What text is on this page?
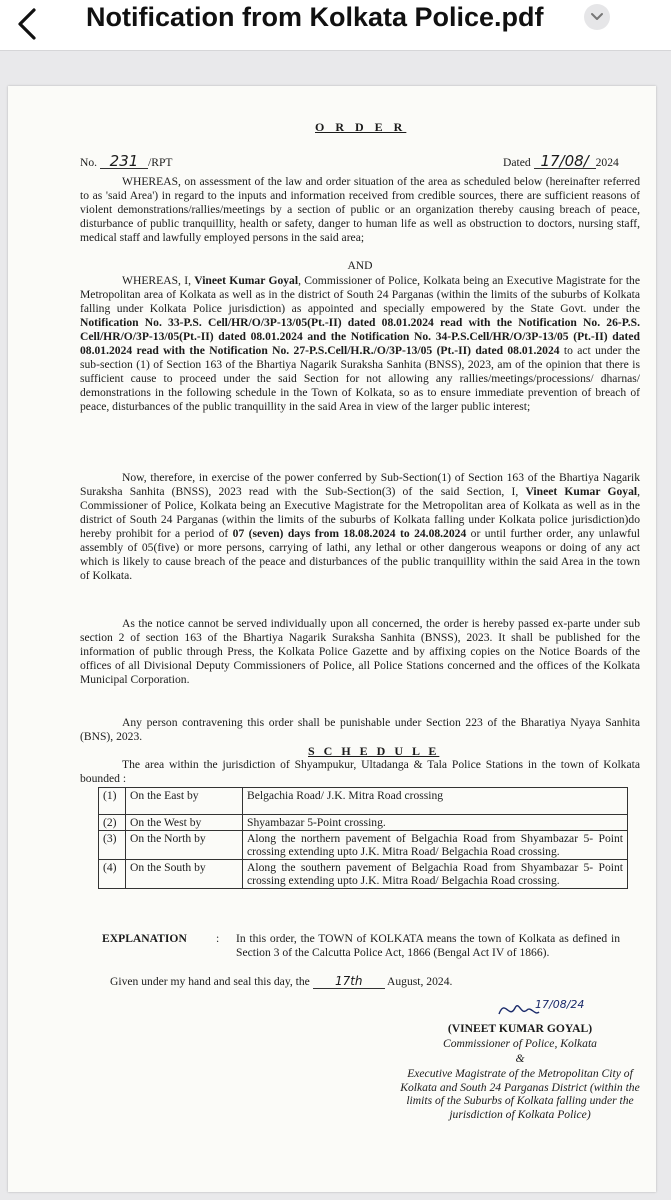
Notification from Kolkata Police.pdf
O R D E R
No. 231 /RPT	Dated 17/08/ 2024
WHEREAS, on assessment of the law and order situation of the area as scheduled below (hereinafter referred to as 'said Area') in regard to the inputs and information received from credible sources, there are sufficient reasons of violent demonstrations/rallies/meetings by a section of public or an organization thereby causing breach of peace, disturbance of public tranquillity, health or safety, danger to human life as well as obstruction to doctors, nursing staff, medical staff and lawfully employed persons in the said area;
AND
WHEREAS, I, Vineet Kumar Goyal, Commissioner of Police, Kolkata being an Executive Magistrate for the Metropolitan area of Kolkata as well as in the district of South 24 Parganas (within the limits of the suburbs of Kolkata falling under Kolkata Police jurisdiction) as appointed and specially empowered by the State Govt. under the Notification No. 33-P.S. Cell/HR/O/3P-13/05(Pt.-II) dated 08.01.2024 read with the Notification No. 26-P.S. Cell/HR/O/3P-13/05(Pt.-II) dated 08.01.2024 and the Notification No. 34-P.S.Cell/HR/O/3P-13/05 (Pt.-II) dated 08.01.2024 read with the Notification No. 27-P.S.Cell/H.R./O/3P-13/05 (Pt.-II) dated 08.01.2024 to act under the sub-section (1) of Section 163 of the Bhartiya Nagarik Suraksha Sanhita (BNSS), 2023, am of the opinion that there is sufficient cause to proceed under the said Section for not allowing any rallies/meetings/processions/ dharnas/ demonstrations in the following schedule in the Town of Kolkata, so as to ensure immediate prevention of breach of peace, disturbances of the public tranquillity in the said Area in view of the larger public interest;
Now, therefore, in exercise of the power conferred by Sub-Section(1) of Section 163 of the Bhartiya Nagarik Suraksha Sanhita (BNSS), 2023 read with the Sub-Section(3) of the said Section, I, Vineet Kumar Goyal, Commissioner of Police, Kolkata being an Executive Magistrate for the Metropolitan area of Kolkata as well as in the district of South 24 Parganas (within the limits of the suburbs of Kolkata falling under Kolkata police jurisdiction)do hereby prohibit for a period of 07 (seven) days from 18.08.2024 to 24.08.2024 or until further order, any unlawful assembly of 05(five) or more persons, carrying of lathi, any lethal or other dangerous weapons or doing of any act which is likely to cause breach of the peace and disturbances of the public tranquillity within the said Area in the town of Kolkata.
As the notice cannot be served individually upon all concerned, the order is hereby passed ex-parte under sub section 2 of section 163 of the Bhartiya Nagarik Suraksha Sanhita (BNSS), 2023. It shall be published for the information of public through Press, the Kolkata Police Gazette and by affixing copies on the Notice Boards of the offices of all Divisional Deputy Commissioners of Police, all Police Stations concerned and the offices of the Kolkata Municipal Corporation.
Any person contravening this order shall be punishable under Section 223 of the Bharatiya Nyaya Sanhita (BNS), 2023.
S C H E D U L E
The area within the jurisdiction of Shyampukur, Ultadanga & Tala Police Stations in the town of Kolkata bounded :
(1)	On the East by	Belgachia Road/ J.K. Mitra Road crossing
(2)	On the West by	Shyambazar 5-Point crossing.
(3)	On the North by	Along the northern pavement of Belgachia Road from Shyambazar 5- Point crossing extending upto J.K. Mitra Road/ Belgachia Road crossing.
(4)	On the South by	Along the southern pavement of Belgachia Road from Shyambazar 5- Point crossing extending upto J.K. Mitra Road/ Belgachia Road crossing.
EXPLANATION	: In this order, the TOWN of KOLKATA means the town of Kolkata as defined in Section 3 of the Calcutta Police Act, 1866 (Bengal Act IV of 1866).
Given under my hand and seal this day, the 17th August, 2024.
17/08/24
(VINEET KUMAR GOYAL)
Commissioner of Police, Kolkata
&
Executive Magistrate of the Metropolitan City of Kolkata and South 24 Parganas District (within the limits of the Suburbs of Kolkata falling under the jurisdiction of Kolkata Police)
